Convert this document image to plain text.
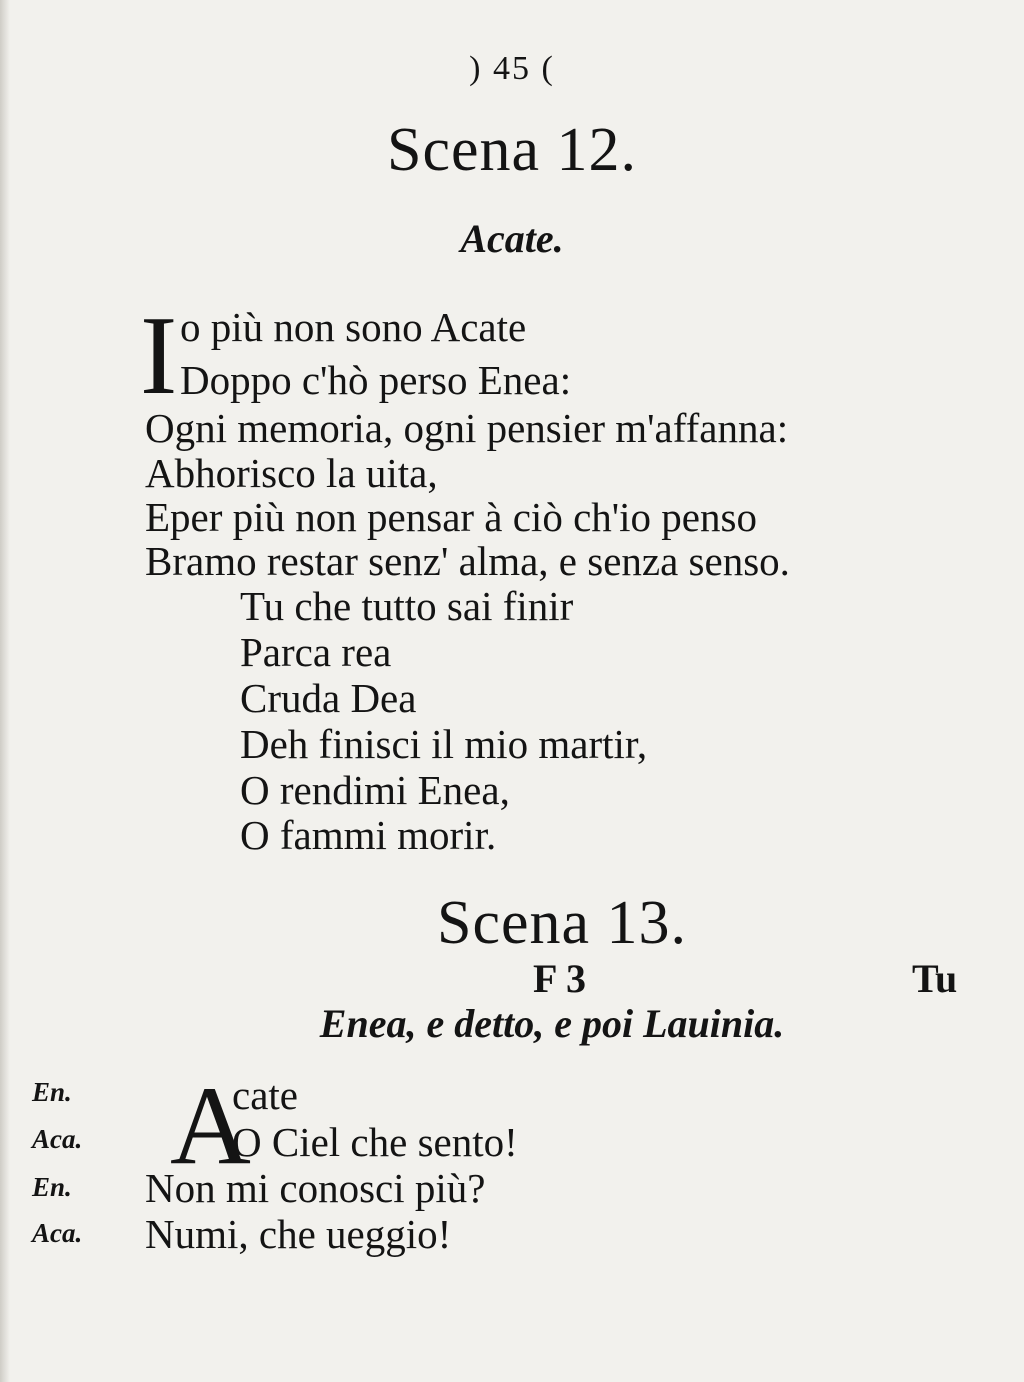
) 45 (
Scena 12.
Acate.
I o più non sono Acate
Doppo c'hò perso Enea:
Ogni memoria, ogni pensier m'affanna:
Abhorisco la uita,
Eper più non pensar à ciò ch'io penso
Bramo restar senz' alma, e senza senso.
Tu che tutto sai finir
Parca rea
Cruda Dea
Deh finisci il mio martir,
O rendimi Enea,
O fammi morir.
Scena 13.
Enea, e detto, e poi Lauinia.
En.
Aca.
En.
Aca.
A
cate
O Ciel che sento!
Non mi conosci più?
Numi, che ueggio!
F 3	Tu
